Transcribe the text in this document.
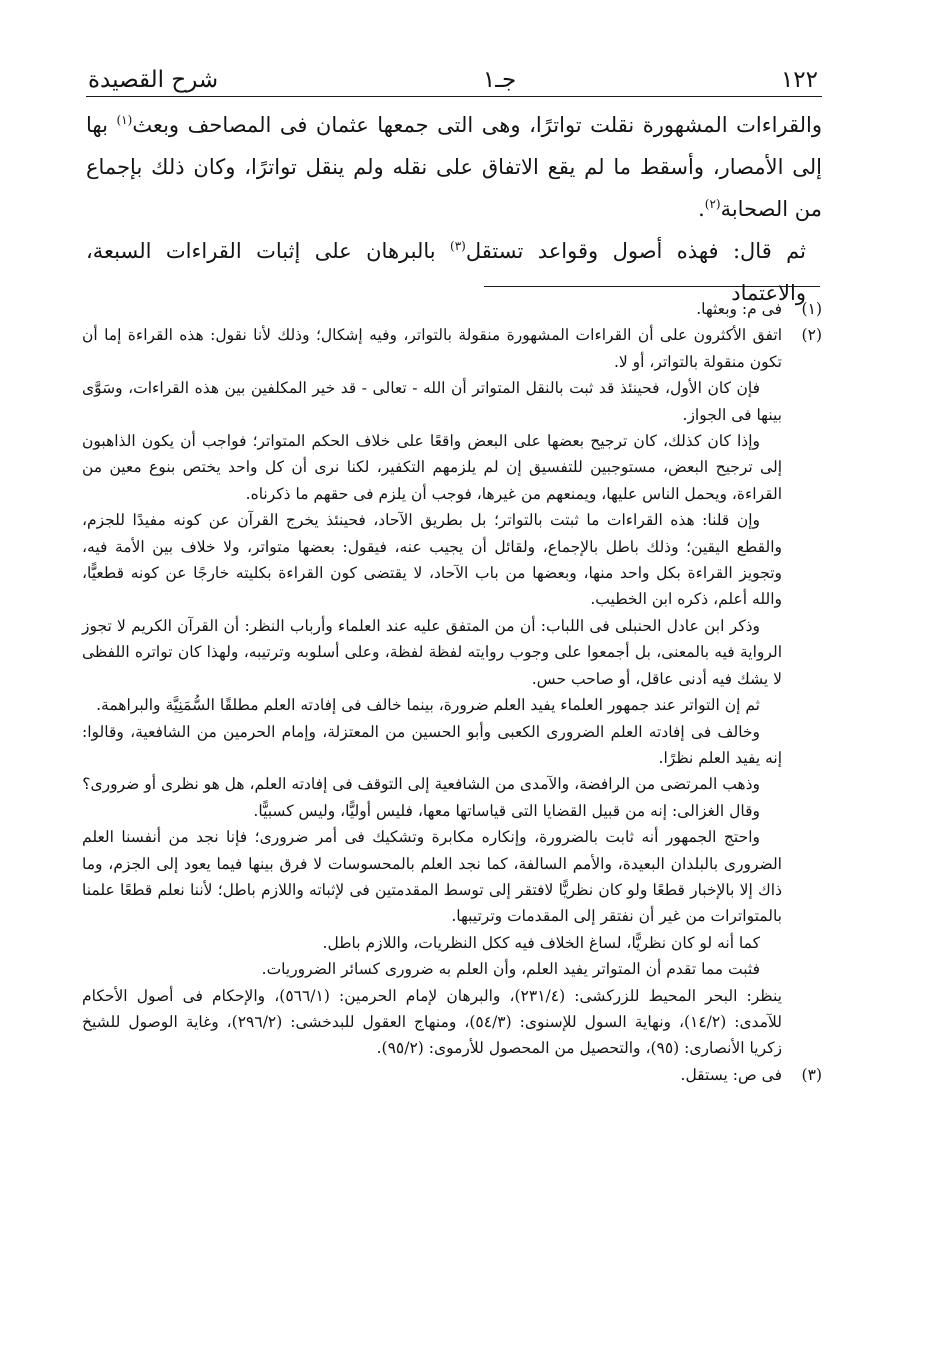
١٢٢
جـ١
شرح القصيدة

والقراءات المشهورة نقلت تواترًا، وهى التى جمعها عثمان فى المصاحف وبعث$^{(١)}$ بها إلى الأمصار، وأسقط ما لم يقع الاتفاق على نقله ولم ينقل تواترًا، وكان ذلك بإجماع من الصحابة$^{(٢)}$.

ثم قال: فهذه أصول وقواعد تستقل$^{(٣)}$ بالبرهان على إثبات القراءات السبعة، والاعتماد

(١)
فى م: وبعثها.
(٢)
اتفق الأكثرون على أن القراءات المشهورة منقولة بالتواتر، وفيه إشكال؛ وذلك لأنا نقول: هذه القراءة إما أن تكون منقولة بالتواتر، أو لا.

فإن كان الأول، فحينئذ قد ثبت بالنقل المتواتر أن الله - تعالى - قد خير المكلفين بين هذه القراءات، وسَوَّى بينها فى الجواز.

وإذا كان كذلك، كان ترجيح بعضها على البعض واقعًا على خلاف الحكم المتواتر؛ فواجب أن يكون الذاهبون إلى ترجيح البعض، مستوجبين للتفسيق إن لم يلزمهم التكفير، لكنا نرى أن كل واحد يختص بنوع معين من القراءة، ويحمل الناس عليها، ويمنعهم من غيرها، فوجب أن يلزم فى حقهم ما ذكرناه.

وإن قلنا: هذه القراءات ما ثبتت بالتواتر؛ بل بطريق الآحاد، فحينئذ يخرج القرآن عن كونه مفيدًا للجزم، والقطع اليقين؛ وذلك باطل بالإجماع، ولقائل أن يجيب عنه، فيقول: بعضها متواتر، ولا خلاف بين الأمة فيه، وتجويز القراءة بكل واحد منها، وبعضها من باب الآحاد، لا يقتضى كون القراءة بكليته خارجًا عن كونه قطعيًّا، والله أعلم، ذكره ابن الخطيب.

وذكر ابن عادل الحنبلى فى اللباب: أن من المتفق عليه عند العلماء وأرباب النظر: أن القرآن الكريم لا تجوز الرواية فيه بالمعنى، بل أجمعوا على وجوب روايته لفظة لفظة، وعلى أسلوبه وترتيبه، ولهذا كان تواتره اللفظى لا يشك فيه أدنى عاقل، أو صاحب حس.

ثم إن التواتر عند جمهور العلماء يفيد العلم ضرورة، بينما خالف فى إفادته العلم مطلقًا السُّمَنِيَّة والبراهمة.

وخالف فى إفادته العلم الضرورى الكعبى وأبو الحسين من المعتزلة، وإمام الحرمين من الشافعية، وقالوا: إنه يفيد العلم نظرًا.

وذهب المرتضى من الرافضة، والآمدى من الشافعية إلى التوقف فى إفادته العلم، هل هو نظرى أو ضرورى؟

وقال الغزالى: إنه من قبيل القضايا التى قياساتها معها، فليس أوليًّا، وليس كسبيًّا.

واحتج الجمهور أنه ثابت بالضرورة، وإنكاره مكابرة وتشكيك فى أمر ضرورى؛ فإنا نجد من أنفسنا العلم الضرورى بالبلدان البعيدة، والأمم السالفة، كما نجد العلم بالمحسوسات لا فرق بينها فيما يعود إلى الجزم، وما ذاك إلا بالإخبار قطعًا ولو كان نظريًّا لافتقر إلى توسط المقدمتين فى لإثباته واللازم باطل؛ لأننا نعلم قطعًا علمنا بالمتواترات من غير أن نفتقر إلى المقدمات وترتيبها.

كما أنه لو كان نظريًّا، لساغ الخلاف فيه ككل النظريات، واللازم باطل.

فثبت مما تقدم أن المتواتر يفيد العلم، وأن العلم به ضرورى كسائر الضروريات.

ينظر: البحر المحيط للزركشى: (٢٣١/٤)، والبرهان لإمام الحرمين: (٥٦٦/١)، والإحكام فى أصول الأحكام للآمدى: (١٤/٢)، ونهاية السول للإسنوى: (٥٤/٣)، ومنهاج العقول للبدخشى: (٢٩٦/٢)، وغاية الوصول للشيخ زكريا الأنصارى: (٩٥)، والتحصيل من المحصول للأرموى: (٩٥/٢).

(٣)
فى ص: يستقل.
